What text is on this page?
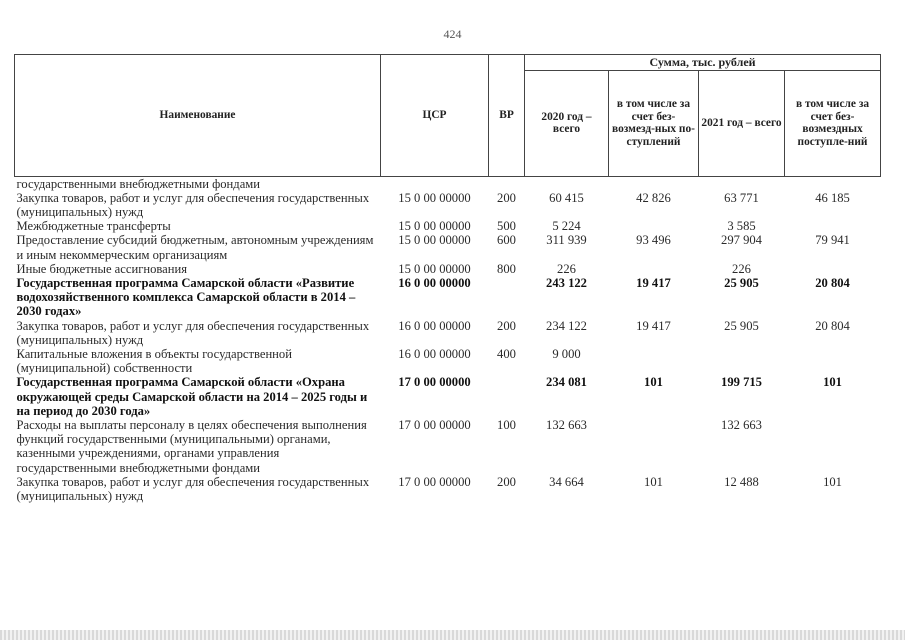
424
Наименование	ЦСР	ВР	Сумма, тыс. рублей			
			2020 год – всего	в том числе за счет без-возмезд-ных по-ступлений	2021 год – всего	в том числе за счет без-возмездных поступле-ний
государственными внебюджетными фондами						
Закупка товаров, работ и услуг для обеспечения государственных (муниципальных) нужд	15 0 00 00000	200	60 415	42 826	63 771	46 185
Межбюджетные трансферты	15 0 00 00000	500	5 224		3 585	
Предоставление субсидий бюджетным, автономным учреждениям и иным некоммерческим организациям	15 0 00 00000	600	311 939	93 496	297 904	79 941
Иные бюджетные ассигнования	15 0 00 00000	800	226		226	
Государственная программа Самарской области «Развитие водохозяйственного комплекса Самарской области в 2014 – 2030 годах»	16 0 00 00000		243 122	19 417	25 905	20 804
Закупка товаров, работ и услуг для обеспечения государственных (муниципальных) нужд	16 0 00 00000	200	234 122	19 417	25 905	20 804
Капитальные вложения в объекты государственной (муниципальной) собственности	16 0 00 00000	400	9 000			
Государственная программа Самарской области «Охрана окружающей среды Самарской области на 2014 – 2025 годы и на период до 2030 года»	17 0 00 00000		234 081	101	199 715	101
Расходы на выплаты персоналу в целях обеспечения выполнения функций государственными (муниципальными) органами, казенными учреждениями, органами управления государственными внебюджетными фондами	17 0 00 00000	100	132 663		132 663	
Закупка товаров, работ и услуг для обеспечения государственных (муниципальных) нужд	17 0 00 00000	200	34 664	101	12 488	101
